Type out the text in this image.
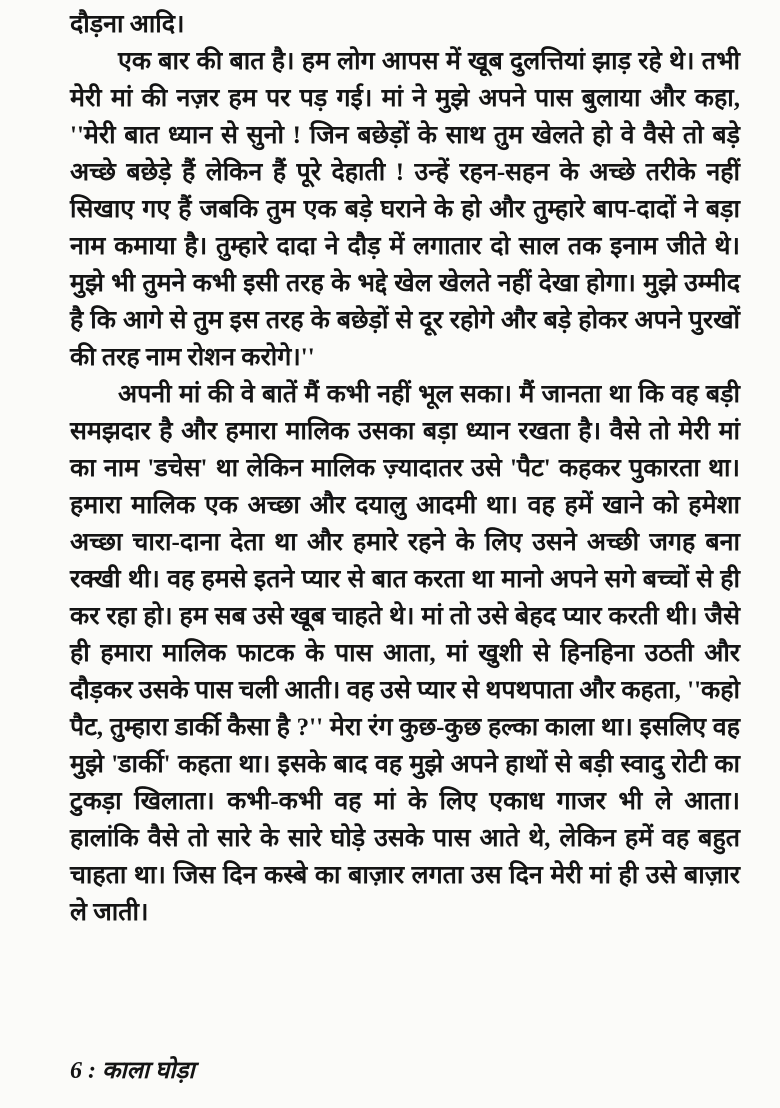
दौड़ना आदि।

एक बार की बात है। हम लोग आपस में खूब दुलत्तियां झाड़ रहे थे। तभी मेरी मां की नज़र हम पर पड़ गई। मां ने मुझे अपने पास बुलाया और कहा, ''मेरी बात ध्यान से सुनो ! जिन बछेड़ों के साथ तुम खेलते हो वे वैसे तो बड़े अच्छे बछेड़े हैं लेकिन हैं पूरे देहाती ! उन्हें रहन-सहन के अच्छे तरीके नहीं सिखाए गए हैं जबकि तुम एक बड़े घराने के हो और तुम्हारे बाप-दादों ने बड़ा नाम कमाया है। तुम्हारे दादा ने दौड़ में लगातार दो साल तक इनाम जीते थे। मुझे भी तुमने कभी इसी तरह के भद्दे खेल खेलते नहीं देखा होगा। मुझे उम्मीद है कि आगे से तुम इस तरह के बछेड़ों से दूर रहोगे और बड़े होकर अपने पुरखों की तरह नाम रोशन करोगे।''

अपनी मां की वे बातें मैं कभी नहीं भूल सका। मैं जानता था कि वह बड़ी समझदार है और हमारा मालिक उसका बड़ा ध्यान रखता है। वैसे तो मेरी मां का नाम 'डचेस' था लेकिन मालिक ज़्यादातर उसे 'पैट' कहकर पुकारता था। हमारा मालिक एक अच्छा और दयालु आदमी था। वह हमें खाने को हमेशा अच्छा चारा-दाना देता था और हमारे रहने के लिए उसने अच्छी जगह बना रक्खी थी। वह हमसे इतने प्यार से बात करता था मानो अपने सगे बच्चों से ही कर रहा हो। हम सब उसे खूब चाहते थे। मां तो उसे बेहद प्यार करती थी। जैसे ही हमारा मालिक फाटक के पास आता, मां खुशी से हिनहिना उठती और दौड़कर उसके पास चली आती। वह उसे प्यार से थपथपाता और कहता, ''कहो पैट, तुम्हारा डार्की कैसा है ?'' मेरा रंग कुछ-कुछ हल्का काला था। इसलिए वह मुझे 'डार्की' कहता था। इसके बाद वह मुझे अपने हाथों से बड़ी स्वादु रोटी का टुकड़ा खिलाता। कभी-कभी वह मां के लिए एकाध गाजर भी ले आता। हालांकि वैसे तो सारे के सारे घोड़े उसके पास आते थे, लेकिन हमें वह बहुत चाहता था। जिस दिन कस्बे का बाज़ार लगता उस दिन मेरी मां ही उसे बाज़ार ले जाती।

6 : काला घोड़ा
